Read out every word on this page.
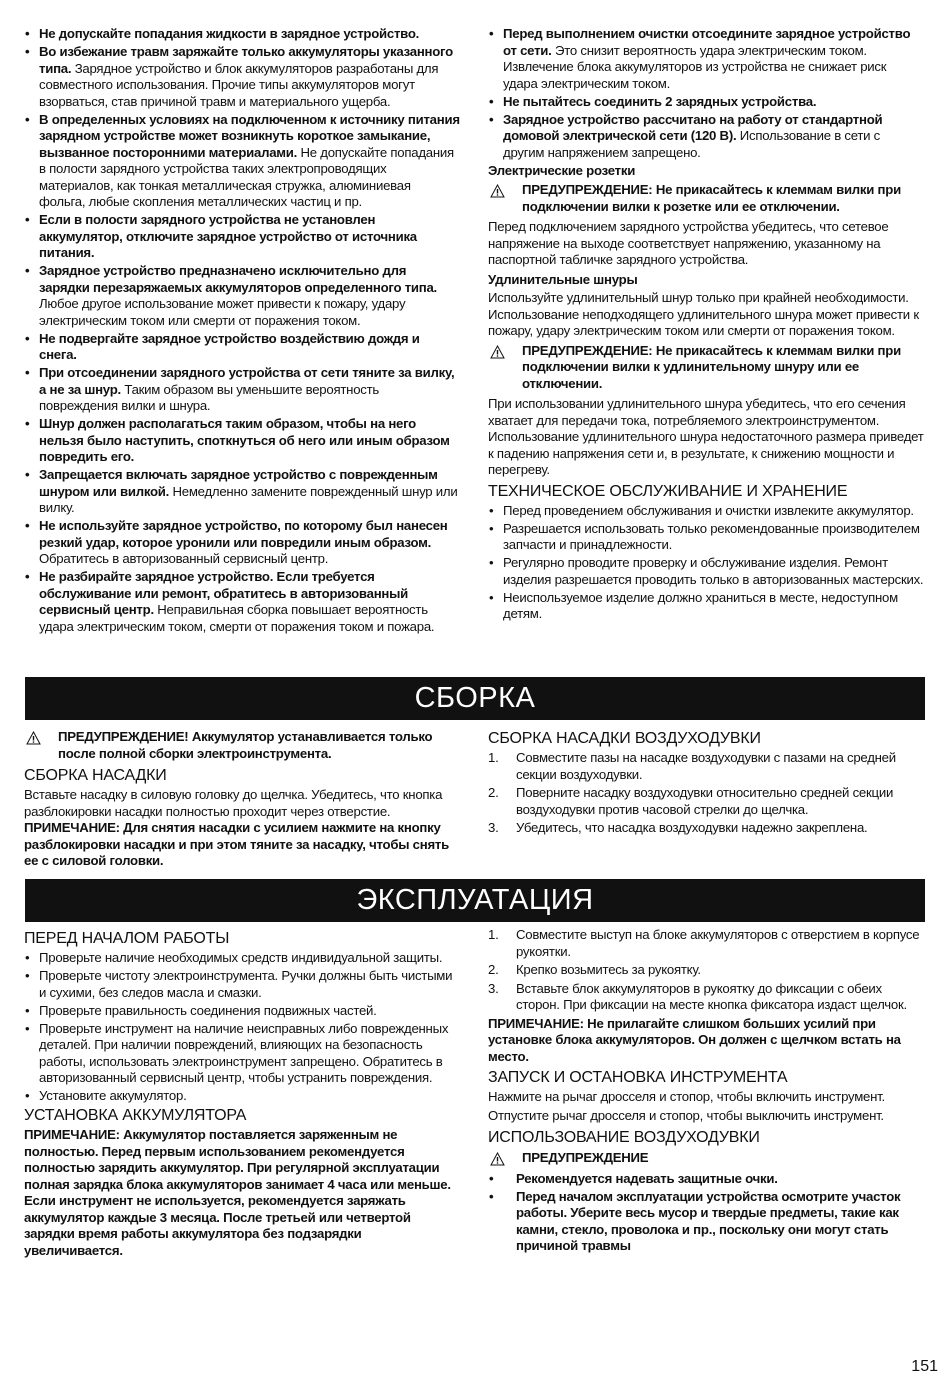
• Не допускайте попадания жидкости в зарядное устройство.
• Во избежание травм заряжайте только аккумуляторы указанного типа. Зарядное устройство и блок аккумуляторов разработаны для совместного использования. Прочие типы аккумуляторов могут взорваться, став причиной травм и материального ущерба.
• В определенных условиях на подключенном к источнику питания зарядном устройстве может возникнуть короткое замыкание, вызванное посторонними материалами. Не допускайте попадания в полости зарядного устройства таких электропроводящих материалов, как тонкая металлическая стружка, алюминиевая фольга, любые скопления металлических частиц и пр.
• Если в полости зарядного устройства не установлен аккумулятор, отключите зарядное устройство от источника питания.
• Зарядное устройство предназначено исключительно для зарядки перезаряжаемых аккумуляторов определенного типа. Любое другое использование может привести к пожару, удару электрическим током или смерти от поражения током.
• Не подвергайте зарядное устройство воздействию дождя и снега.
• При отсоединении зарядного устройства от сети тяните за вилку, а не за шнур. Таким образом вы уменьшите вероятность повреждения вилки и шнура.
• Шнур должен располагаться таким образом, чтобы на него нельзя было наступить, споткнуться об него или иным образом повредить его.
• Запрещается включать зарядное устройство с поврежденным шнуром или вилкой. Немедленно замените поврежденный шнур или вилку.
• Не используйте зарядное устройство, по которому был нанесен резкий удар, которое уронили или повредили иным образом. Обратитесь в авторизованный сервисный центр.
• Не разбирайте зарядное устройство. Если требуется обслуживание или ремонт, обратитесь в авторизованный сервисный центр. Неправильная сборка повышает вероятность удара электрическим током, смерти от поражения током и пожара.
• Перед выполнением очистки отсоедините зарядное устройство от сети. Это снизит вероятность удара электрическим током. Извлечение блока аккумуляторов из устройства не снижает риск удара электрическим током.
• Не пытайтесь соединить 2 зарядных устройства.
• Зарядное устройство рассчитано на работу от стандартной домовой электрической сети (120 В). Использование в сети с другим напряжением запрещено.
Электрические розетки
ПРЕДУПРЕЖДЕНИЕ: Не прикасайтесь к клеммам вилки при подключении вилки к розетке или ее отключении.

Перед подключением зарядного устройства убедитесь, что сетевое напряжение на выходе соответствует напряжению, указанному на паспортной табличке зарядного устройства.

Удлинительные шнуры

Используйте удлинительный шнур только при крайней необходимости. Использование неподходящего удлинительного шнура может привести к пожару, удару электрическим током или смерти от поражения током.

ПРЕДУПРЕЖДЕНИЕ: Не прикасайтесь к клеммам вилки при подключении вилки к удлинительному шнуру или ее отключении.

При использовании удлинительного шнура убедитесь, что его сечения хватает для передачи тока, потребляемого электроинструментом. Использование удлинительного шнура недостаточного размера приведет к падению напряжения сети и, в результате, к снижению мощности и перегреву.

ТЕХНИЧЕСКОЕ ОБСЛУЖИВАНИЕ И ХРАНЕНИЕ
• Перед проведением обслуживания и очистки извлеките аккумулятор.
• Разрешается использовать только рекомендованные производителем запчасти и принадлежности.
• Регулярно проводите проверку и обслуживание изделия. Ремонт изделия разрешается проводить только в авторизованных мастерских.
• Неиспользуемое изделие должно храниться в месте, недоступном детям.
СБОРКА
ПРЕДУПРЕЖДЕНИЕ! Аккумулятор устанавливается только после полной сборки электроинструмента.
СБОРКА НАСАДКИ

Вставьте насадку в силовую головку до щелчка. Убедитесь, что кнопка разблокировки насадки полностью проходит через отверстие.

ПРИМЕЧАНИЕ: Для снятия насадки с усилием нажмите на кнопку разблокировки насадки и при этом тяните за насадку, чтобы снять ее с силовой головки.

СБОРКА НАСАДКИ ВОЗДУХОДУВКИ
1. Совместите пазы на насадке воздуходувки с пазами на средней секции воздуходувки.
2. Поверните насадку воздуходувки относительно средней секции воздуходувки против часовой стрелки до щелчка.
3. Убедитесь, что насадка воздуходувки надежно закреплена.
ЭКСПЛУАТАЦИЯ
ПЕРЕД НАЧАЛОМ РАБОТЫ
• Проверьте наличие необходимых средств индивидуальной защиты.
• Проверьте чистоту электроинструмента. Ручки должны быть чистыми и сухими, без следов масла и смазки.
• Проверьте правильность соединения подвижных частей.
• Проверьте инструмент на наличие неисправных либо поврежденных деталей. При наличии повреждений, влияющих на безопасность работы, использовать электроинструмент запрещено. Обратитесь в авторизованный сервисный центр, чтобы устранить повреждения.
• Установите аккумулятор.
УСТАНОВКА АККУМУЛЯТОРА

ПРИМЕЧАНИЕ: Аккумулятор поставляется заряженным не полностью. Перед первым использованием рекомендуется полностью зарядить аккумулятор. При регулярной эксплуатации полная зарядка блока аккумуляторов занимает 4 часа или меньше. Если инструмент не используется, рекомендуется заряжать аккумулятор каждые 3 месяца. После третьей или четвертой зарядки время работы аккумулятора без подзарядки увеличивается.

1. Совместите выступ на блоке аккумуляторов с отверстием в корпусе рукоятки.
2. Крепко возьмитесь за рукоятку.
3. Вставьте блок аккумуляторов в рукоятку до фиксации с обеих сторон. При фиксации на месте кнопка фиксатора издаст щелчок.

ПРИМЕЧАНИЕ: Не прилагайте слишком больших усилий при установке блока аккумуляторов. Он должен с щелчком встать на место.

ЗАПУСК И ОСТАНОВКА ИНСТРУМЕНТА

Нажмите на рычаг дросселя и стопор, чтобы включить инструмент.

Отпустите рычаг дросселя и стопор, чтобы выключить инструмент.

ИСПОЛЬЗОВАНИЕ ВОЗДУХОДУВКИ
ПРЕДУПРЕЖДЕНИЕ
• Рекомендуется надевать защитные очки.
• Перед началом эксплуатации устройства осмотрите участок работы. Уберите весь мусор и твердые предметы, такие как камни, стекло, проволока и пр., поскольку они могут стать причиной травмы
151
